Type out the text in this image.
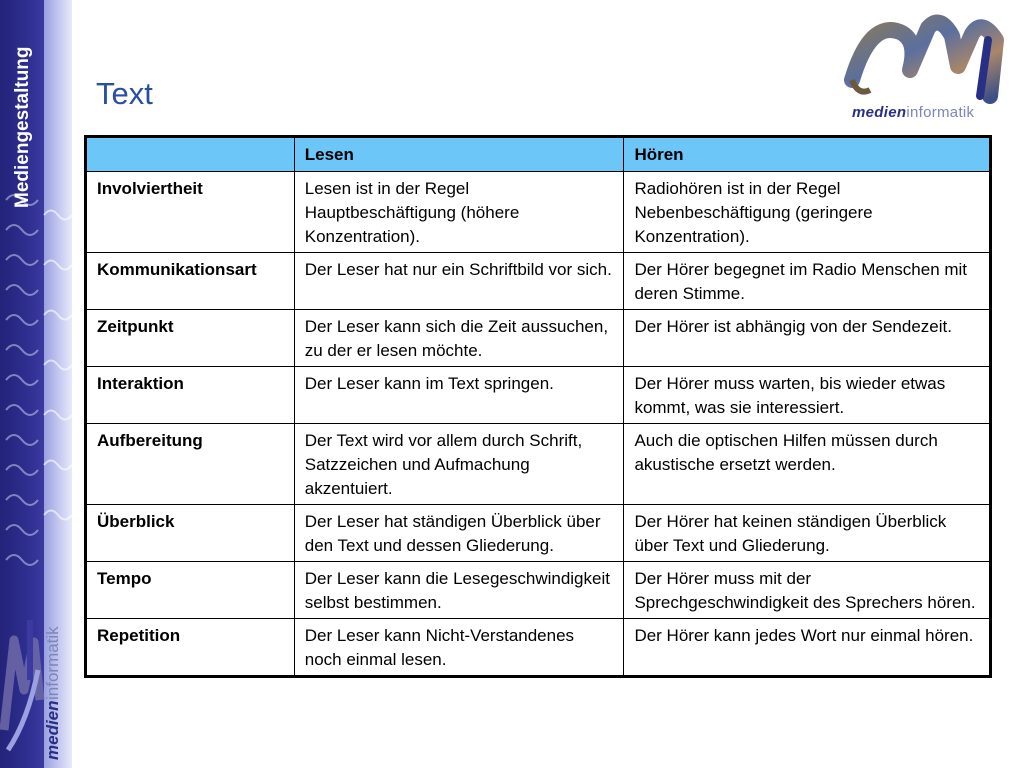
Mediengestaltung
medien
informatik
Text
medieninformatik
	Lesen	Hören
Involviertheit	Lesen ist in der Regel Hauptbeschäftigung (höhere Konzentration).	Radiohören ist in der Regel Nebenbeschäftigung (geringere Konzentration).
Kommunikationsart	Der Leser hat nur ein Schriftbild vor sich.	Der Hörer begegnet im Radio Menschen mit deren Stimme.
Zeitpunkt	Der Leser kann sich die Zeit aussuchen, zu der er lesen möchte.	Der Hörer ist abhängig von der Sendezeit.
Interaktion	Der Leser kann im Text springen.	Der Hörer muss warten, bis wieder etwas kommt, was sie interessiert.
Aufbereitung	Der Text wird vor allem durch Schrift, Satzzeichen und Aufmachung akzentuiert.	Auch die optischen Hilfen müssen durch akustische ersetzt werden.
Überblick	Der Leser hat ständigen Überblick über den Text und dessen Gliederung.	Der Hörer hat keinen ständigen Überblick über Text und Gliederung.
Tempo	Der Leser kann die Lesegeschwindigkeit selbst bestimmen.	Der Hörer muss mit der Sprechgeschwindigkeit des Sprechers hören.
Repetition	Der Leser kann Nicht-Verstandenes noch einmal lesen.	Der Hörer kann jedes Wort nur einmal hören.
